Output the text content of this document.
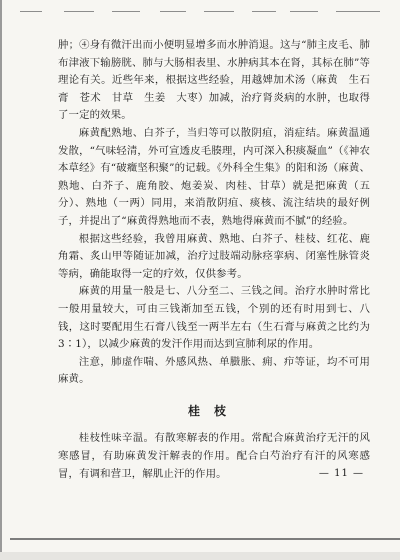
肿；④身有微汗出而小便明显增多而水肿消退。这与“肺主皮毛、肺布津液下输膀胱、肺与大肠相表里、水肿病其本在肾，其标在肺”等理论有关。近些年来，根据这些经验，用越婢加术汤（麻黄　生石膏　苍术　甘草　生姜　大枣）加减，治疗肾炎病的水肿，也取得了一定的效果。

麻黄配熟地、白芥子，当归等可以散阴疽，消症结。麻黄温通发散，“气味轻清，外可宣透皮毛腠理，内可深入积痰凝血”（《神农本草经》有“破癥坚积聚”的记载。《外科全生集》的阳和汤（麻黄、熟地、白芥子、鹿角胶、炮姜炭、肉桂、甘草）就是把麻黄（五分）、熟地（一两）同用，来消散阴疽、痰核、流注结块的最好例子，并提出了“麻黄得熟地而不表，熟地得麻黄而不腻”的经验。

根据这些经验，我曾用麻黄、熟地、白芥子、桂枝、红花、鹿角霜、炙山甲等随证加减，治疗过肢端动脉痉挛病、闭塞性脉管炎等病，确能取得一定的疗效，仅供参考。

麻黄的用量一般是七、八分至二、三钱之间。治疗水肿时常比一般用量较大，可由三钱渐加至五钱，个别的还有时用到七、八钱，这时要配用生石膏八钱至一两半左右（生石膏与麻黄之比约为3∶1），以减少麻黄的发汗作用而达到宣肺利尿的作用。

注意，肺虚作喘、外感风热、单臌胀、痈、疖等证，均不可用麻黄。

桂枝

桂枝性味辛温。有散寒解表的作用。常配合麻黄治疗无汗的风寒感冒，有助麻黄发汗解表的作用。配合白芍治疗有汗的风寒感冒，有调和营卫，解肌止汗的作用。	— 11 —
